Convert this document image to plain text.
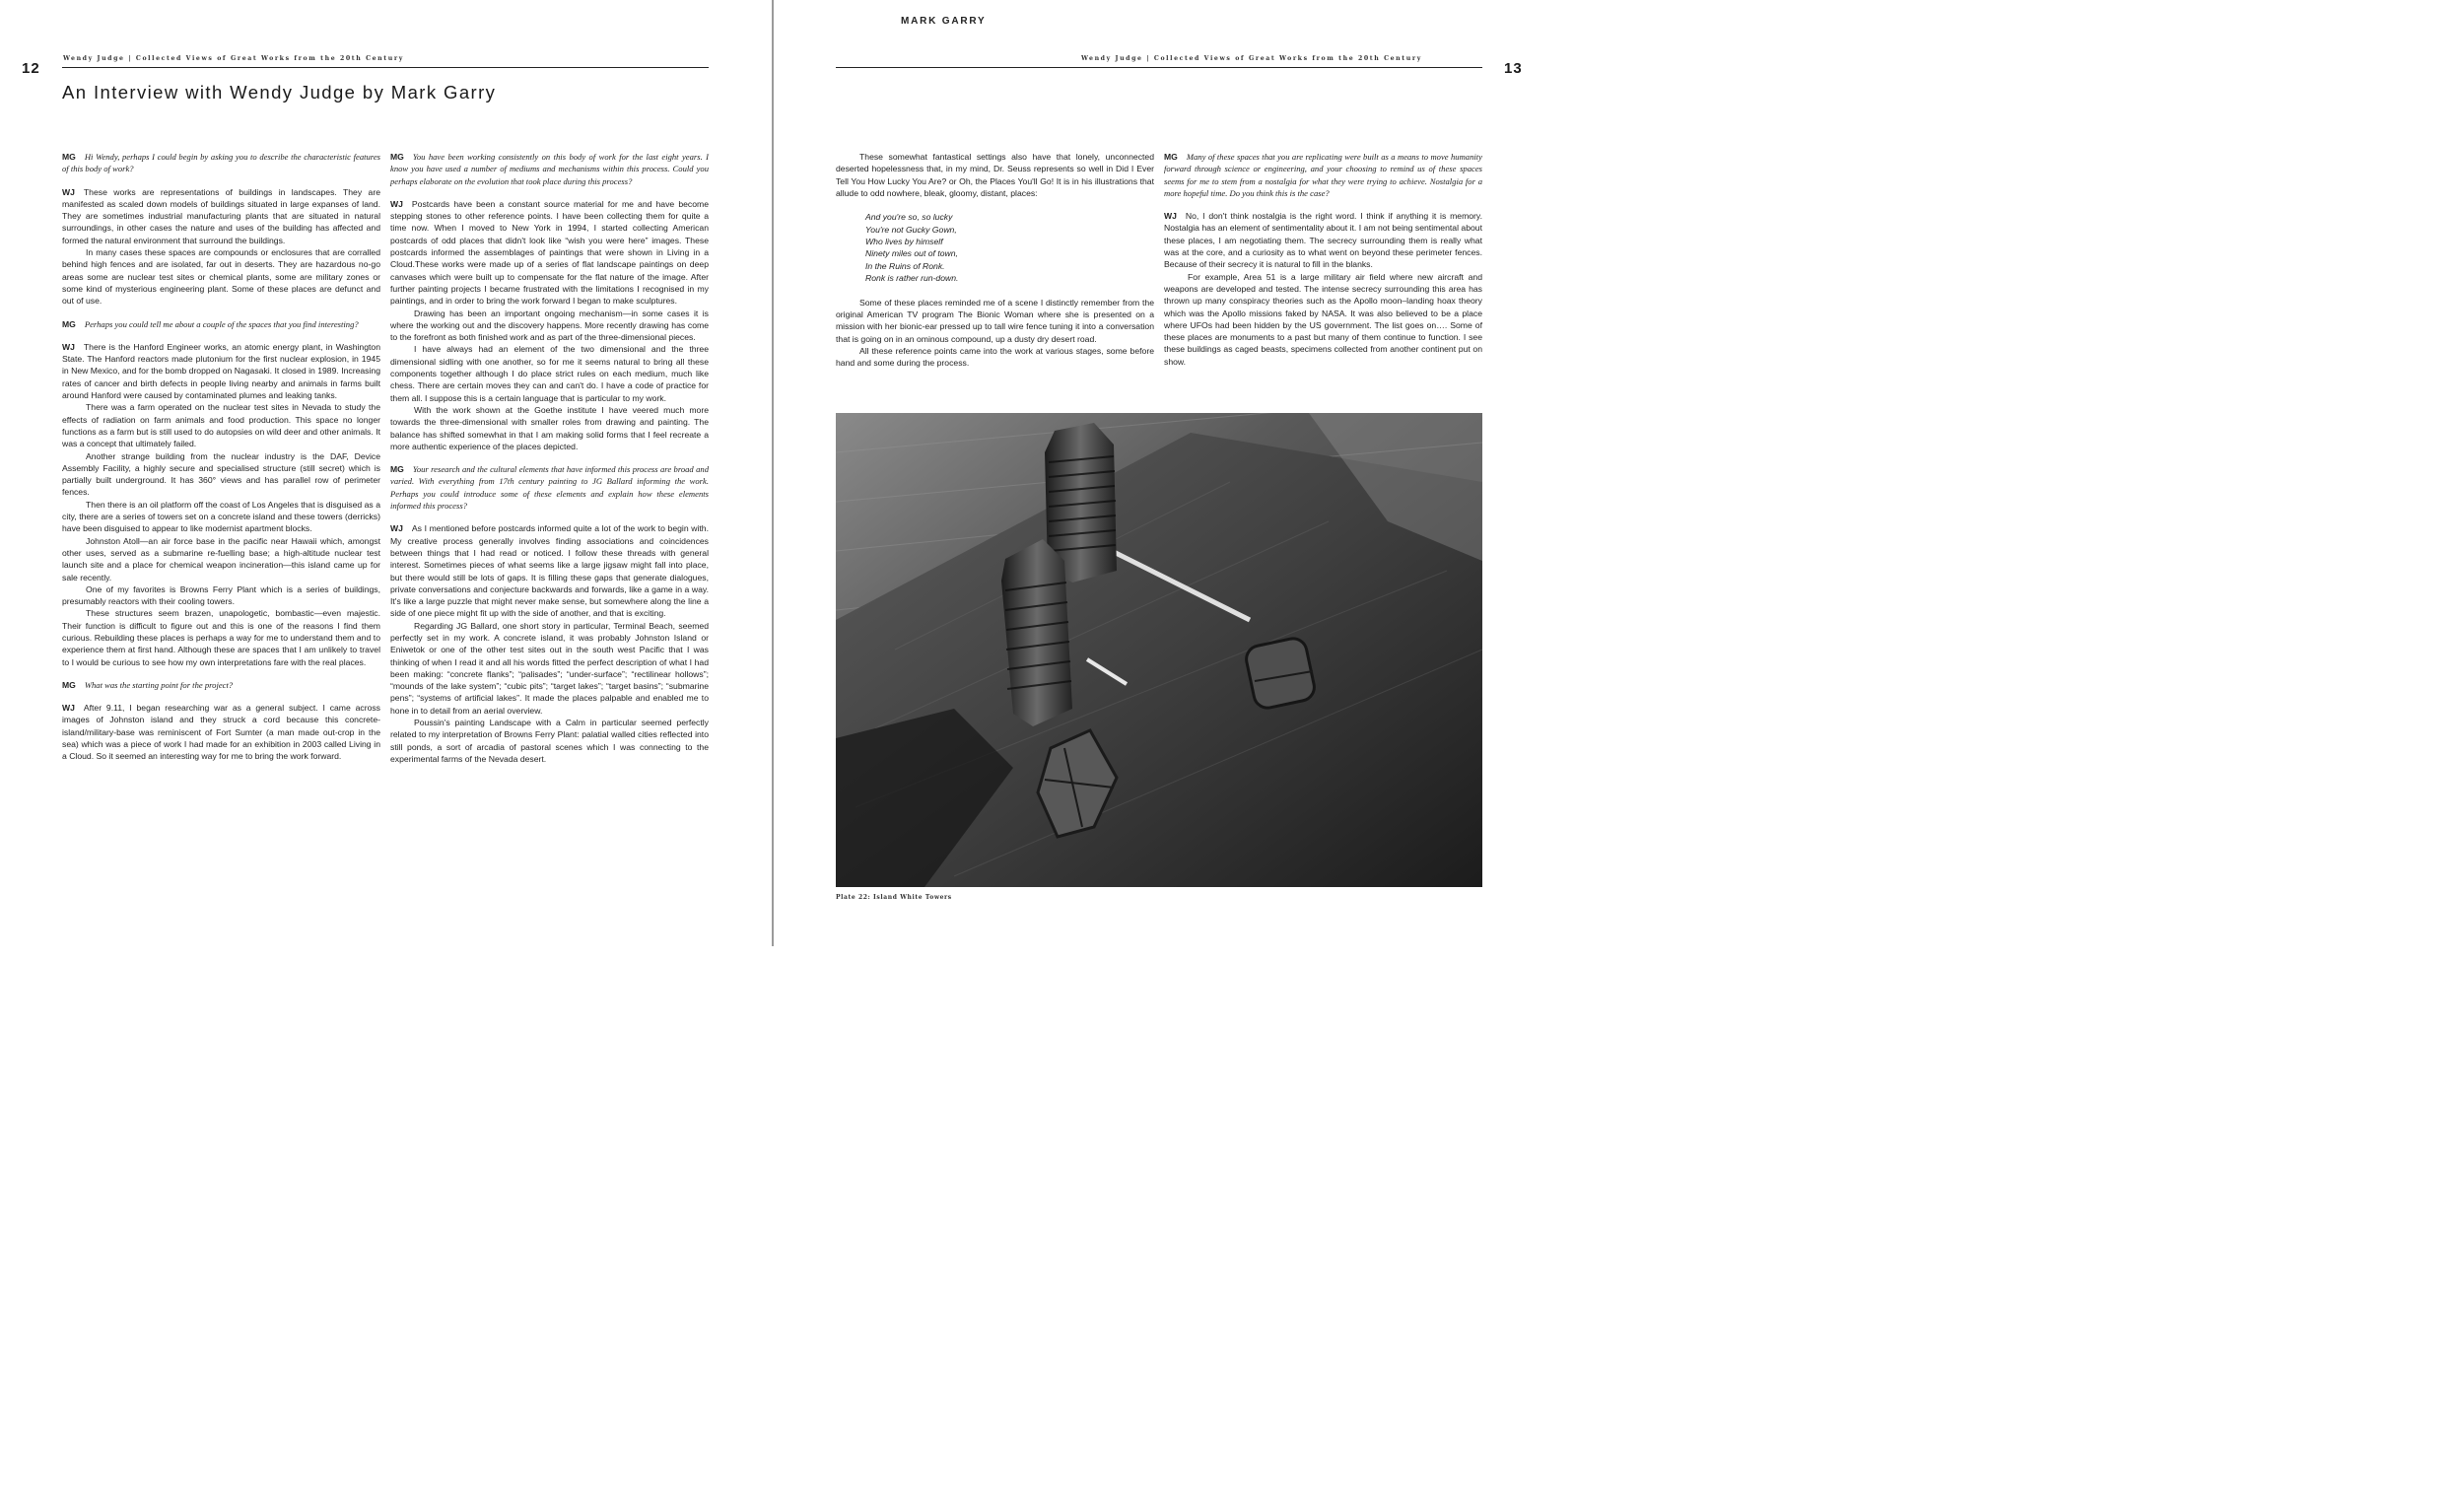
Wendy Judge | Collected Views of Great Works from the 20th Century
12
An Interview with Wendy Judge by Mark Garry

MG Hi Wendy, perhaps I could begin by asking you to describe the characteristic features of this body of work?

WJ These works are representations of buildings in landscapes. They are manifested as scaled down models of buildings situated in large expanses of land. They are sometimes industrial manufacturing plants that are situated in natural surroundings, in other cases the nature and uses of the building has affected and formed the natural environment that surround the buildings.

In many cases these spaces are compounds or enclosures that are corralled behind high fences and are isolated, far out in deserts. They are hazardous no-go areas some are nuclear test sites or chemical plants, some are military zones or some kind of mysterious engineering plant. Some of these places are defunct and out of use.

MG Perhaps you could tell me about a couple of the spaces that you find interesting?

WJ There is the Hanford Engineer works, an atomic energy plant, in Washington State. The Hanford reactors made plutonium for the first nuclear explosion, in 1945 in New Mexico, and for the bomb dropped on Nagasaki. It closed in 1989. Increasing rates of cancer and birth defects in people living nearby and animals in farms built around Hanford were caused by contaminated plumes and leaking tanks.

There was a farm operated on the nuclear test sites in Nevada to study the effects of radiation on farm animals and food production. This space no longer functions as a farm but is still used to do autopsies on wild deer and other animals. It was a concept that ultimately failed.

Another strange building from the nuclear industry is the DAF, Device Assembly Facility, a highly secure and specialised structure (still secret) which is partially built underground. It has 360° views and has parallel row of perimeter fences.

Then there is an oil platform off the coast of Los Angeles that is disguised as a city, there are a series of towers set on a concrete island and these towers (derricks) have been disguised to appear to like modernist apartment blocks.

Johnston Atoll—an air force base in the pacific near Hawaii which, amongst other uses, served as a submarine re-fuelling base; a high-altitude nuclear test launch site and a place for chemical weapon incineration—this island came up for sale recently.

One of my favorites is Browns Ferry Plant which is a series of buildings, presumably reactors with their cooling towers.

These structures seem brazen, unapologetic, bombastic—even majestic. Their function is difficult to figure out and this is one of the reasons I find them curious. Rebuilding these places is perhaps a way for me to understand them and to experience them at first hand. Although these are spaces that I am unlikely to travel to I would be curious to see how my own interpretations fare with the real places.

MG What was the starting point for the project?

WJ After 9.11, I began researching war as a general subject. I came across images of Johnston island and they struck a cord because this concrete-island/military-base was reminiscent of Fort Sumter (a man made out-crop in the sea) which was a piece of work I had made for an exhibition in 2003 called Living in a Cloud. So it seemed an interesting way for me to bring the work forward.

MG You have been working consistently on this body of work for the last eight years. I know you have used a number of mediums and mechanisms within this process. Could you perhaps elaborate on the evolution that took place during this process?

WJ Postcards have been a constant source material for me and have become stepping stones to other reference points. I have been collecting them for quite a time now. When I moved to New York in 1994, I started collecting American postcards of odd places that didn't look like “wish you were here” images. These postcards informed the assemblages of paintings that were shown in Living in a Cloud.These works were made up of a series of flat landscape paintings on deep canvases which were built up to compensate for the flat nature of the image. After further painting projects I became frustrated with the limitations I recognised in my paintings, and in order to bring the work forward I began to make sculptures.

Drawing has been an important ongoing mechanism—in some cases it is where the working out and the discovery happens. More recently drawing has come to the forefront as both finished work and as part of the three-dimensional pieces.

I have always had an element of the two dimensional and the three dimensional sidling with one another, so for me it seems natural to bring all these components together although I do place strict rules on each medium, much like chess. There are certain moves they can and can't do. I have a code of practice for them all. I suppose this is a certain language that is particular to my work.

With the work shown at the Goethe institute I have veered much more towards the three-dimensional with smaller roles from drawing and painting. The balance has shifted somewhat in that I am making solid forms that I feel recreate a more authentic experience of the places depicted.

MG Your research and the cultural elements that have informed this process are broad and varied. With everything from 17th century painting to JG Ballard informing the work. Perhaps you could introduce some of these elements and explain how these elements informed this process?

WJ As I mentioned before postcards informed quite a lot of the work to begin with. My creative process generally involves finding associations and coincidences between things that I had read or noticed. I follow these threads with general interest. Sometimes pieces of what seems like a large jigsaw might fall into place, but there would still be lots of gaps. It is filling these gaps that generate dialogues, private conversations and conjecture backwards and forwards, like a game in a way. It's like a large puzzle that might never make sense, but somewhere along the line a side of one piece might fit up with the side of another, and that is exciting.

Regarding JG Ballard, one short story in particular, Terminal Beach, seemed perfectly set in my work. A concrete island, it was probably Johnston Island or Eniwetok or one of the other test sites out in the south west Pacific that I was thinking of when I read it and all his words fitted the perfect description of what I had been making: “concrete flanks”; “palisades”; “under-surface”; “rectilinear hollows”; “mounds of the lake system”; “cubic pits”; “target lakes”; “target basins”; “submarine pens”; “systems of artificial lakes”. It made the places palpable and enabled me to hone in to detail from an aerial overview.

Poussin's painting Landscape with a Calm in particular seemed perfectly related to my interpretation of Browns Ferry Plant: palatial walled cities reflected into still ponds, a sort of arcadia of pastoral scenes which I was connecting to the experimental farms of the Nevada desert.

MARK GARRY
Wendy Judge | Collected Views of Great Works from the 20th Century
13

These somewhat fantastical settings also have that lonely, unconnected deserted hopelessness that, in my mind, Dr. Seuss represents so well in Did I Ever Tell You How Lucky You Are? or Oh, the Places You'll Go! It is in his illustrations that allude to odd nowhere, bleak, gloomy, distant, places:

And you're so, so lucky
You're not Gucky Gown,
Who lives by himself
Ninety miles out of town,
In the Ruins of Ronk.
Ronk is rather run-down.

Some of these places reminded me of a scene I distinctly remember from the original American TV program The Bionic Woman where she is presented on a mission with her bionic-ear pressed up to tall wire fence tuning it into a conversation that is going on in an ominous compound, up a dusty dry desert road.

All these reference points came into the work at various stages, some before hand and some during the process.

MG Many of these spaces that you are replicating were built as a means to move humanity forward through science or engineering, and your choosing to remind us of these spaces seems for me to stem from a nostalgia for what they were trying to achieve. Nostalgia for a more hopeful time. Do you think this is the case?

WJ No, I don't think nostalgia is the right word. I think if anything it is memory. Nostalgia has an element of sentimentality about it. I am not being sentimental about these places, I am negotiating them. The secrecy surrounding them is really what was at the core, and a curiosity as to what went on beyond these perimeter fences. Because of their secrecy it is natural to fill in the blanks.

For example, Area 51 is a large military air field where new aircraft and weapons are developed and tested. The intense secrecy surrounding this area has thrown up many conspiracy theories such as the Apollo moon–landing hoax theory which was the Apollo missions faked by NASA. It was also believed to be a place where UFOs had been hidden by the US government. The list goes on…. Some of these places are monuments to a past but many of them continue to function. I see these buildings as caged beasts, specimens collected from another continent put on show.

Plate 22: Island White Towers
